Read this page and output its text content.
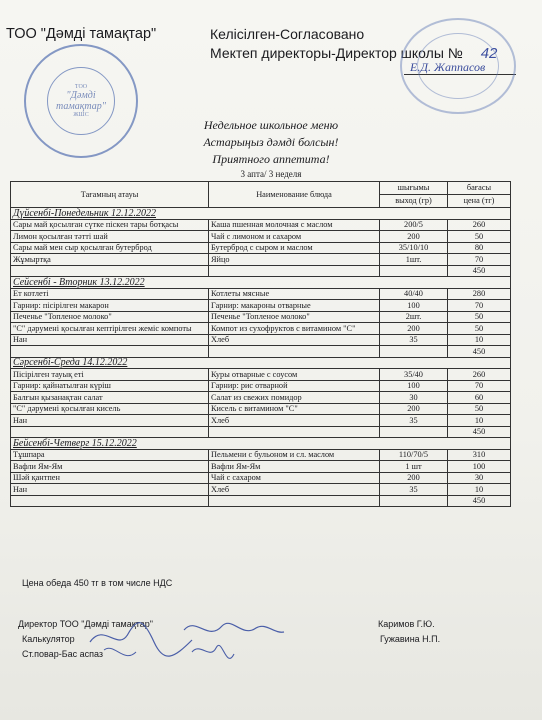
ТОО "Дәмді тамақтар"	Келісілген-Согласовано
Мектеп директоры-Директор школы № 42
Е.Д. Жаппасов
ТОО
"Дәмді
тамақтар"
ЖШС
Недельное школьное меню
Астарыңыз дәмді болсын!
Приятного аппетита!
3 апта/ 3 неделя
Тағамның атауы	Наименование блюда	шығымы	бағасы
		выход (гр)	цена (тг)
Дүйсенбі-Понедельник 12.12.2022			
Сары май қосылған сүтке піскен тары ботқасы	Каша пшенная молочная с маслом	200/5	260
Лимон қосылған тәтті шай	Чай с лимоном и сахаром	200	50
Сары май мен сыр қосылған бутерброд	Бутерброд с сыром и маслом	35/10/10	80
Жұмыртқа	Яйцо	1шт.	70
			450
Сейсенбі - Вторник 13.12.2022			
Ет котлеті	Котлеты мясные	40/40	280
Гарнир: пісірілген макарон	Гарнир: макароны отварные	100	70
Печенье "Топленое молоко"	Печенье "Топленое молоко"	2шт.	50
"С" дәрумені қосылған кептірілген жеміс компоты	Компот из сухофруктов с витамином "С"	200	50
Нан	Хлеб	35	10
			450
Сәрсенбі-Среда 14.12.2022			
Пісірілген тауық еті	Куры отварные с соусом	35/40	260
Гарнир: қайнатылған күріш	Гарнир: рис отварной	100	70
Балғын қызанақтан салат	Салат из свежих помидор	30	60
"С" дәрумені қосылған кисель	Кисель с витамином "С"	200	50
Нан	Хлеб	35	10
			450
Бейсенбі-Четверг 15.12.2022			
Тұшпара	Пельмени с бульоном и сл. маслом	110/70/5	310
Вафли Ям-Ям	Вафли Ям-Ям	1 шт	100
Шәй қантпен	Чай с сахаром	200	30
Нан	Хлеб	35	10
			450
Цена обеда 450 тг в том числе НДС
Директор ТОО "Дәмді тамақтар"	Каримов Г.Ю.
Калькулятор	Гужавина Н.П.
Ст.повар-Бас аспаз
